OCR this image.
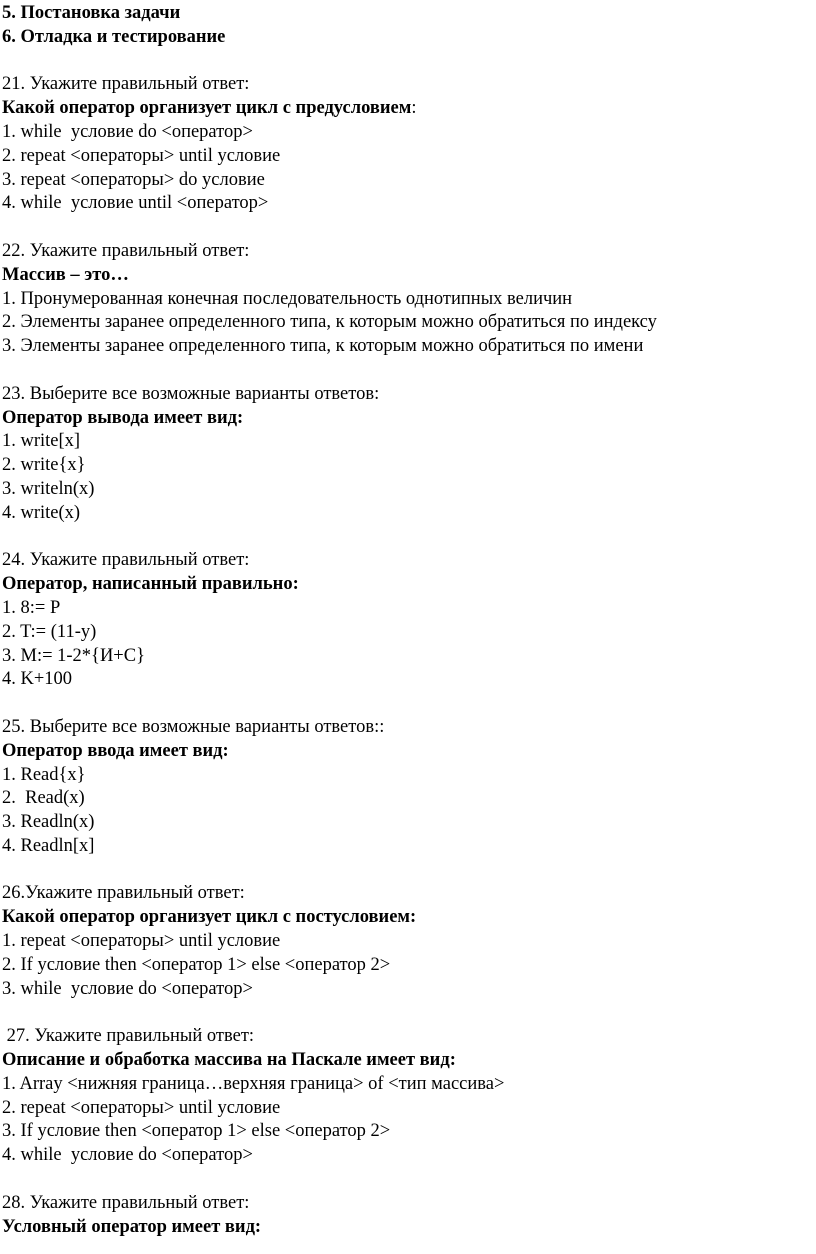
5. Постановка задачи
6. Отладка и тестирование
21. Укажите правильный ответ:
Какой оператор организует цикл с предусловием:
1. while  условие do <оператор>
2. repeat <операторы> until условие
3. repeat <операторы> do условие
4. while  условие until <оператор>
22. Укажите правильный ответ:
Массив – это…
1. Пронумерованная конечная последовательность однотипных величин
2. Элементы заранее определенного типа, к которым можно обратиться по индексу
3. Элементы заранее определенного типа, к которым можно обратиться по имени
23. Выберите все возможные варианты ответов:
Оператор вывода имеет вид:
1. write[x]
2. write{x}
3. writeln(x)
4. write(x)
24. Укажите правильный ответ:
Оператор, написанный правильно:
1. 8:= P
2. T:= (11-y)
3. M:= 1-2*{И+C}
4. K+100
25. Выберите все возможные варианты ответов::
Оператор ввода имеет вид:
1. Read{x}
2.  Read(x)
3. Readln(x)
4. Readln[x]
26.Укажите правильный ответ:
Какой оператор организует цикл с постусловием:
1. repeat <операторы> until условие
2. If условие then <оператор 1> else <оператор 2>
3. while  условие do <оператор>
27. Укажите правильный ответ:
Описание и обработка массива на Паскале имеет вид:
1. Array <нижняя граница…верхняя граница> of <тип массива>
2. repeat <операторы> until условие
3. If условие then <оператор 1> else <оператор 2>
4. while  условие do <оператор>
28. Укажите правильный ответ:
Условный оператор имеет вид:
